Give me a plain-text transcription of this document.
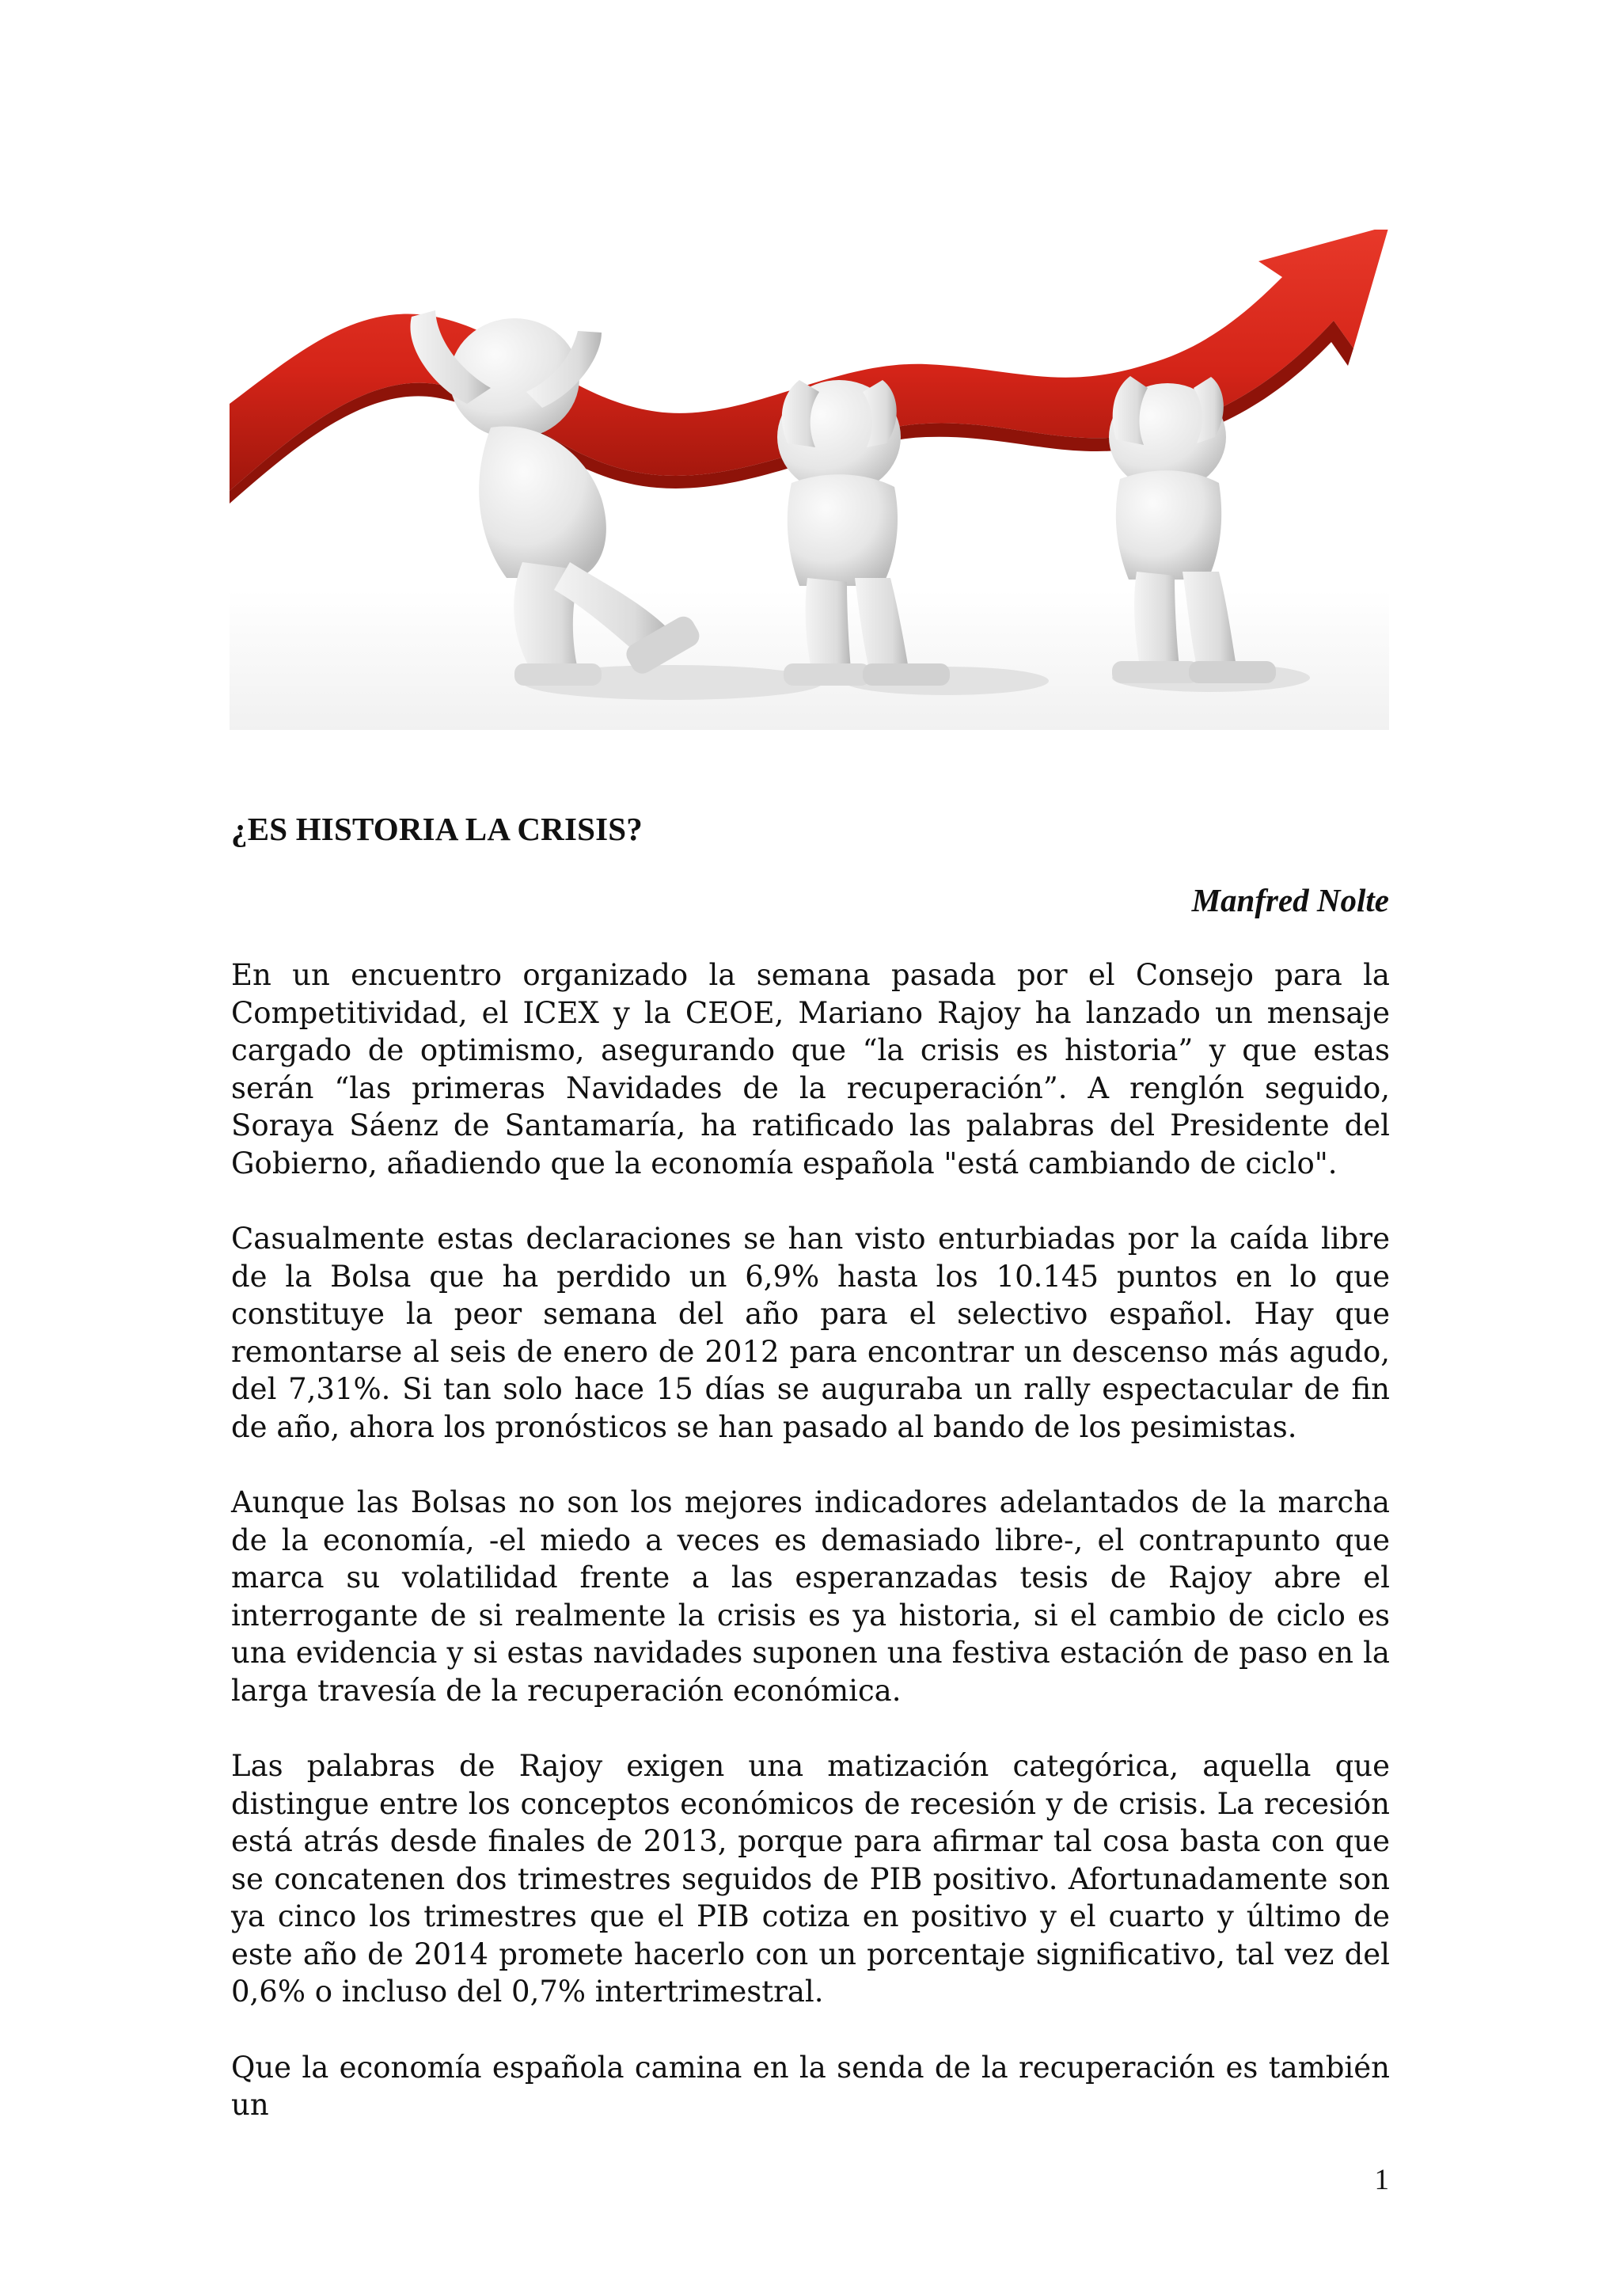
¿ES HISTORIA LA CRISIS?

Manfred Nolte

En un encuentro organizado la semana pasada por el Consejo para la Competitividad, el ICEX y la CEOE, Mariano Rajoy ha lanzado un mensaje cargado de optimismo, asegurando que “la crisis es historia” y que estas serán “las primeras Navidades de la recuperación”. A renglón seguido, Soraya Sáenz de Santamaría, ha ratificado las palabras del Presidente del Gobierno, añadiendo que la economía española "está cambiando de ciclo".

Casualmente estas declaraciones se han visto enturbiadas por la caída libre de la Bolsa que ha perdido un 6,9% hasta los 10.145 puntos en lo que constituye la peor semana del año para el selectivo español. Hay que remontarse al seis de enero de 2012 para encontrar un descenso más agudo, del 7,31%. Si tan solo hace 15 días se auguraba un rally espectacular de fin de año, ahora los pronósticos se han pasado al bando de los pesimistas.

Aunque las Bolsas no son los mejores indicadores adelantados de la marcha de la economía, -el miedo a veces es demasiado libre-, el contrapunto que marca su volatilidad frente a las esperanzadas tesis de Rajoy abre el interrogante de si realmente la crisis es ya historia, si el cambio de ciclo es una evidencia y si estas navidades suponen una festiva estación de paso en la larga travesía de la recuperación económica.

Las palabras de Rajoy exigen una matización categórica, aquella que distingue entre los conceptos económicos de recesión y de crisis. La recesión está atrás desde finales de 2013, porque para afirmar tal cosa basta con que se concatenen dos trimestres seguidos de PIB positivo. Afortunadamente son ya cinco los trimestres que el PIB cotiza en positivo y el cuarto y último de este año de 2014 promete hacerlo con un porcentaje significativo, tal vez del 0,6% o incluso del 0,7% intertrimestral.

Que la economía española camina en la senda de la recuperación es también un

1
